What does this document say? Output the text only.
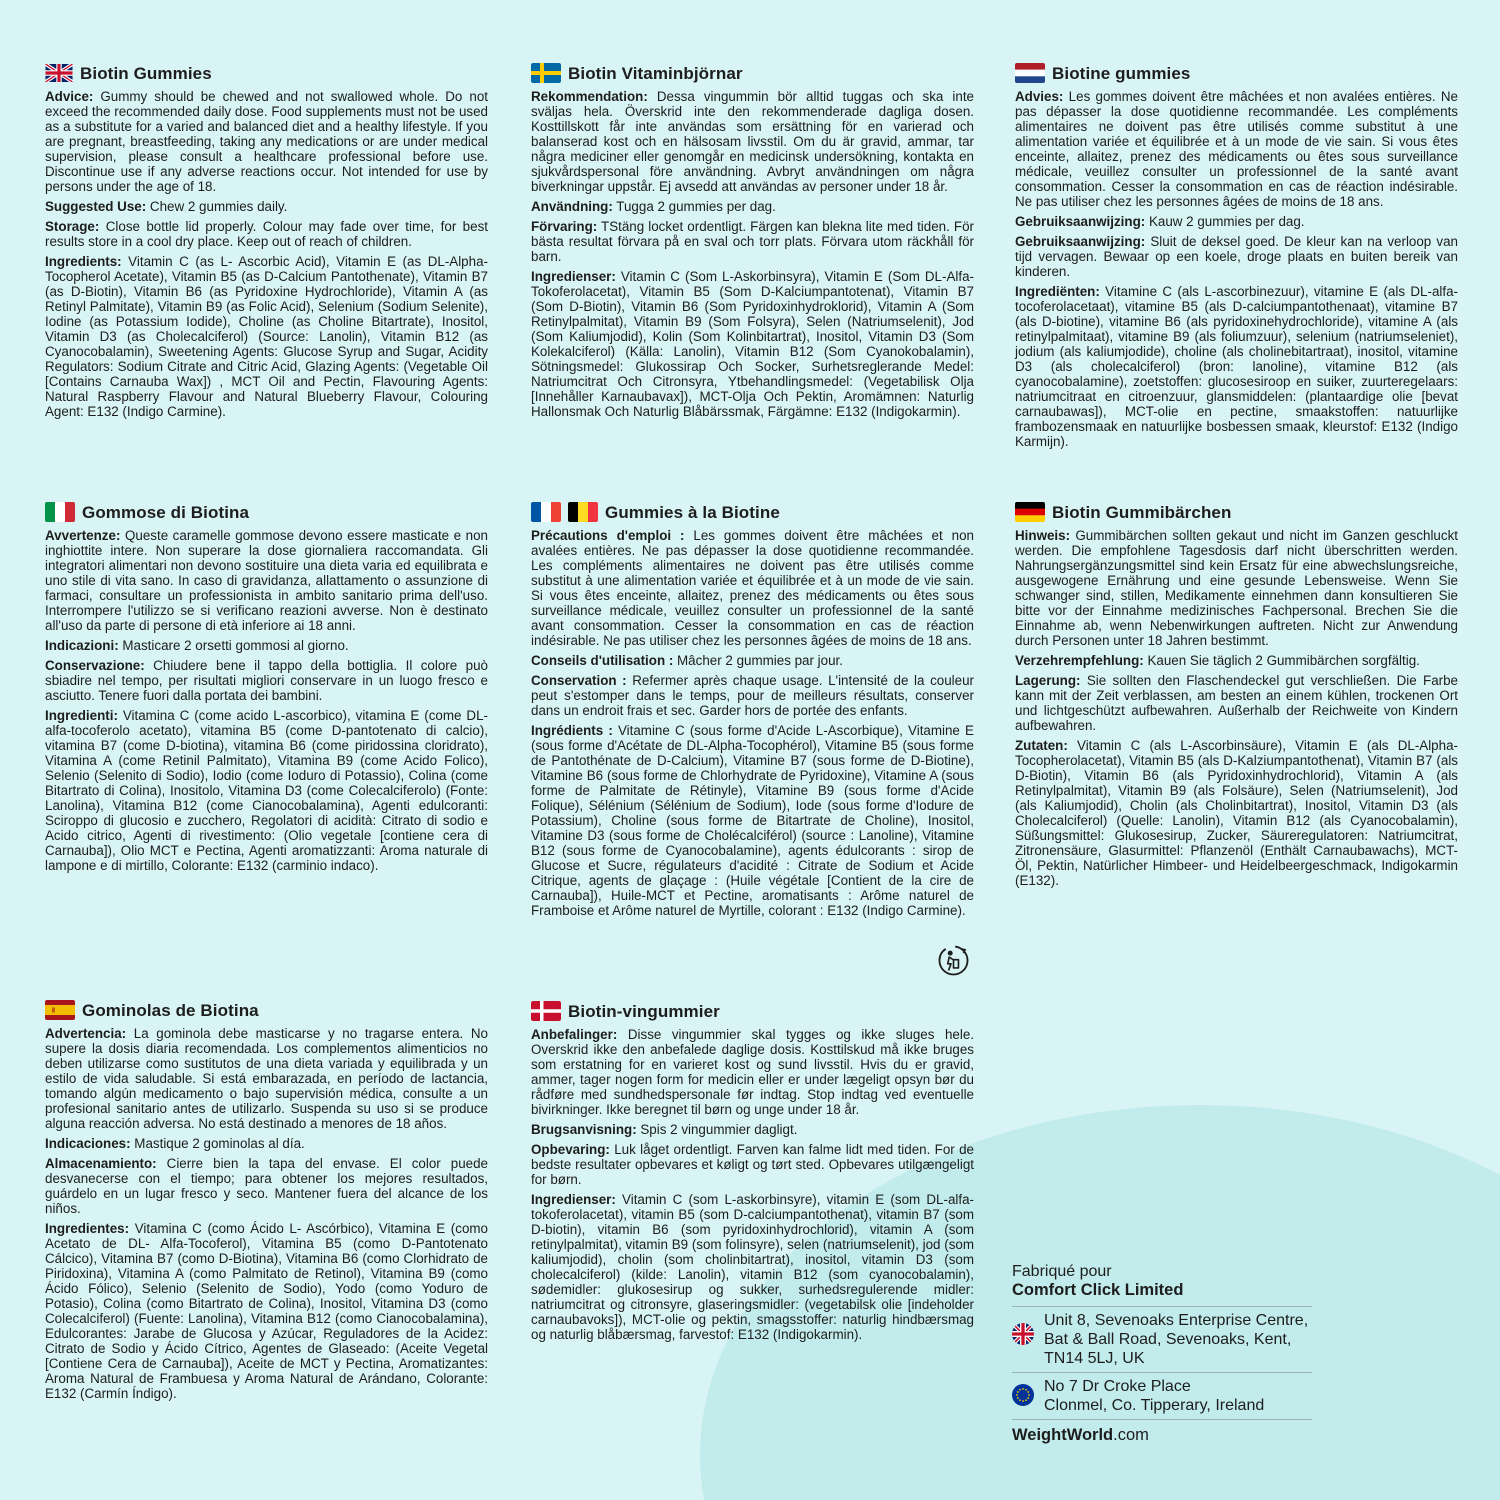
Biotin Gummies

Advice: Gummy should be chewed and not swallowed whole. Do not exceed the recommended daily dose. Food supplements must not be used as a substitute for a varied and balanced diet and a healthy lifestyle. If you are pregnant, breastfeeding, taking any medications or are under medical supervision, please consult a healthcare professional before use. Discontinue use if any adverse reactions occur. Not intended for use by persons under the age of 18.

Suggested Use: Chew 2 gummies daily.

Storage: Close bottle lid properly. Colour may fade over time, for best results store in a cool dry place. Keep out of reach of children.

Ingredients: Vitamin C (as L- Ascorbic Acid), Vitamin E (as DL-Alpha-Tocopherol Acetate), Vitamin B5 (as D-Calcium Pantothenate), Vitamin B7 (as D-Biotin), Vitamin B6 (as Pyridoxine Hydrochloride), Vitamin A (as Retinyl Palmitate), Vitamin B9 (as Folic Acid), Selenium (Sodium Selenite), Iodine (as Potassium Iodide), Choline (as Choline Bitartrate), Inositol, Vitamin D3 (as Cholecalciferol) (Source: Lanolin), Vitamin B12 (as Cyanocobalamin), Sweetening Agents: Glucose Syrup and Sugar, Acidity Regulators: Sodium Citrate and Citric Acid, Glazing Agents: (Vegetable Oil [Contains Carnauba Wax]) , MCT Oil and Pectin, Flavouring Agents: Natural Raspberry Flavour and Natural Blueberry Flavour, Colouring Agent: E132 (Indigo Carmine).

Biotin Vitaminbjörnar

Rekommendation: Dessa vingummin bör alltid tuggas och ska inte sväljas hela. Överskrid inte den rekommenderade dagliga dosen. Kosttillskott får inte användas som ersättning för en varierad och balanserad kost och en hälsosam livsstil. Om du är gravid, ammar, tar några mediciner eller genomgår en medicinsk undersökning, kontakta en sjukvårdspersonal före användning. Avbryt användningen om några biverkningar uppstår. Ej avsedd att användas av personer under 18 år.

Användning: Tugga 2 gummies per dag.

Förvaring: TStäng locket ordentligt. Färgen kan blekna lite med tiden. För bästa resultat förvara på en sval och torr plats. Förvara utom räckhåll för barn.

Ingredienser: Vitamin C (Som L-Askorbinsyra), Vitamin E (Som DL-Alfa-Tokoferolacetat), Vitamin B5 (Som D-Kalciumpantotenat), Vitamin B7 (Som D-Biotin), Vitamin B6 (Som Pyridoxinhydroklorid), Vitamin A (Som Retinylpalmitat), Vitamin B9 (Som Folsyra), Selen (Natriumselenit), Jod (Som Kaliumjodid), Kolin (Som Kolinbitartrat), Inositol, Vitamin D3 (Som Kolekalciferol) (Källa: Lanolin), Vitamin B12 (Som Cyanokobalamin), Sötningsmedel: Glukossirap Och Socker, Surhetsreglerande Medel: Natriumcitrat Och Citronsyra, Ytbehandlingsmedel: (Vegetabilisk Olja [Innehåller Karnaubavax]), MCT-Olja Och Pektin, Aromämnen: Naturlig Hallonsmak Och Naturlig Blåbärssmak, Färgämne: E132 (Indigokarmin).

Biotine gummies

Advies: Les gommes doivent être mâchées et non avalées entières. Ne pas dépasser la dose quotidienne recommandée. Les compléments alimentaires ne doivent pas être utilisés comme substitut à une alimentation variée et équilibrée et à un mode de vie sain. Si vous êtes enceinte, allaitez, prenez des médicaments ou êtes sous surveillance médicale, veuillez consulter un professionnel de la santé avant consommation. Cesser la consommation en cas de réaction indésirable. Ne pas utiliser chez les personnes âgées de moins de 18 ans.

Gebruiksaanwijzing: Kauw 2 gummies per dag.

Gebruiksaanwijzing: Sluit de deksel goed. De kleur kan na verloop van tijd vervagen. Bewaar op een koele, droge plaats en buiten bereik van kinderen.

Ingrediënten: Vitamine C (als L-ascorbinezuur), vitamine E (als DL-alfa-tocoferolacetaat), vitamine B5 (als D-calciumpantothenaat), vitamine B7 (als D-biotine), vitamine B6 (als pyridoxinehydrochloride), vitamine A (als retinylpalmitaat), vitamine B9 (als foliumzuur), selenium (natriumseleniet), jodium (als kaliumjodide), choline (als cholinebitartraat), inositol, vitamine D3 (als cholecalciferol) (bron: lanoline), vitamine B12 (als cyanocobalamine), zoetstoffen: glucosesiroop en suiker, zuurteregelaars: natriumcitraat en citroenzuur, glansmiddelen: (plantaardige olie [bevat carnaubawas]), MCT-olie en pectine, smaakstoffen: natuurlijke frambozensmaak en natuurlijke bosbessen smaak, kleurstof: E132 (Indigo Karmijn).

Gommose di Biotina

Avvertenze: Queste caramelle gommose devono essere masticate e non inghiottite intere. Non superare la dose giornaliera raccomandata. Gli integratori alimentari non devono sostituire una dieta varia ed equilibrata e uno stile di vita sano. In caso di gravidanza, allattamento o assunzione di farmaci, consultare un professionista in ambito sanitario prima dell'uso. Interrompere l'utilizzo se si verificano reazioni avverse. Non è destinato all'uso da parte di persone di età inferiore ai 18 anni.

Indicazioni: Masticare 2 orsetti gommosi al giorno.

Conservazione: Chiudere bene il tappo della bottiglia. Il colore può sbiadire nel tempo, per risultati migliori conservare in un luogo fresco e asciutto. Tenere fuori dalla portata dei bambini.

Ingredienti: Vitamina C (come acido L-ascorbico), vitamina E (come DL-alfa-tocoferolo acetato), vitamina B5 (come D-pantotenato di calcio), vitamina B7 (come D-biotina), vitamina B6 (come piridossina cloridrato), Vitamina A (come Retinil Palmitato), Vitamina B9 (come Acido Folico), Selenio (Selenito di Sodio), Iodio (come Ioduro di Potassio), Colina (come Bitartrato di Colina), Inositolo, Vitamina D3 (come Colecalciferolo) (Fonte: Lanolina), Vitamina B12 (come Cianocobalamina), Agenti edulcoranti: Sciroppo di glucosio e zucchero, Regolatori di acidità: Citrato di sodio e Acido citrico, Agenti di rivestimento: (Olio vegetale [contiene cera di Carnauba]), Olio MCT e Pectina, Agenti aromatizzanti: Aroma naturale di lampone e di mirtillo, Colorante: E132 (carminio indaco).

Gummies à la Biotine

Précautions d'emploi : Les gommes doivent être mâchées et non avalées entières. Ne pas dépasser la dose quotidienne recommandée. Les compléments alimentaires ne doivent pas être utilisés comme substitut à une alimentation variée et équilibrée et à un mode de vie sain. Si vous êtes enceinte, allaitez, prenez des médicaments ou êtes sous surveillance médicale, veuillez consulter un professionnel de la santé avant consommation. Cesser la consommation en cas de réaction indésirable. Ne pas utiliser chez les personnes âgées de moins de 18 ans.

Conseils d'utilisation : Mâcher 2 gummies par jour.

Conservation : Refermer après chaque usage. L'intensité de la couleur peut s'estomper dans le temps, pour de meilleurs résultats, conserver dans un endroit frais et sec. Garder hors de portée des enfants.

Ingrédients : Vitamine C (sous forme d'Acide L-Ascorbique), Vitamine E (sous forme d'Acétate de DL-Alpha-Tocophérol), Vitamine B5 (sous forme de Pantothénate de D-Calcium), Vitamine B7 (sous forme de D-Biotine), Vitamine B6 (sous forme de Chlorhydrate de Pyridoxine), Vitamine A (sous forme de Palmitate de Rétinyle), Vitamine B9 (sous forme d'Acide Folique), Sélénium (Sélénium de Sodium), Iode (sous forme d'Iodure de Potassium), Choline (sous forme de Bitartrate de Choline), Inositol, Vitamine D3 (sous forme de Cholécalciférol) (source : Lanoline), Vitamine B12 (sous forme de Cyanocobalamine), agents édulcorants : sirop de Glucose et Sucre, régulateurs d'acidité : Citrate de Sodium et Acide Citrique, agents de glaçage : (Huile végétale [Contient de la cire de Carnauba]), Huile-MCT et Pectine, aromatisants : Arôme naturel de Framboise et Arôme naturel de Myrtille, colorant : E132 (Indigo Carmine).

Biotin Gummibärchen

Hinweis: Gummibärchen sollten gekaut und nicht im Ganzen geschluckt werden. Die empfohlene Tagesdosis darf nicht überschritten werden. Nahrungsergänzungsmittel sind kein Ersatz für eine abwechslungsreiche, ausgewogene Ernährung und eine gesunde Lebensweise. Wenn Sie schwanger sind, stillen, Medikamente einnehmen dann konsultieren Sie bitte vor der Einnahme medizinisches Fachpersonal. Brechen Sie die Einnahme ab, wenn Nebenwirkungen auftreten. Nicht zur Anwendung durch Personen unter 18 Jahren bestimmt.

Verzehrempfehlung: Kauen Sie täglich 2 Gummibärchen sorgfältig.

Lagerung: Sie sollten den Flaschendeckel gut verschließen. Die Farbe kann mit der Zeit verblassen, am besten an einem kühlen, trockenen Ort und lichtgeschützt aufbewahren. Außerhalb der Reichweite von Kindern aufbewahren.

Zutaten: Vitamin C (als L-Ascorbinsäure), Vitamin E (als DL-Alpha-Tocopherolacetat), Vitamin B5 (als D-Kalziumpantothenat), Vitamin B7 (als D-Biotin), Vitamin B6 (als Pyridoxinhydrochlorid), Vitamin A (als Retinylpalmitat), Vitamin B9 (als Folsäure), Selen (Natriumselenit), Jod (als Kaliumjodid), Cholin (als Cholinbitartrat), Inositol, Vitamin D3 (als Cholecalciferol) (Quelle: Lanolin), Vitamin B12 (als Cyanocobalamin), Süßungsmittel: Glukosesirup, Zucker, Säureregulatoren: Natriumcitrat, Zitronensäure, Glasurmittel: Pflanzenöl (Enthält Carnaubawachs), MCT-Öl, Pektin, Natürlicher Himbeer- und Heidelbeergeschmack, Indigokarmin (E132).

Gominolas de Biotina

Advertencia: La gominola debe masticarse y no tragarse entera. No supere la dosis diaria recomendada. Los complementos alimenticios no deben utilizarse como sustitutos de una dieta variada y equilibrada y un estilo de vida saludable. Si está embarazada, en período de lactancia, tomando algún medicamento o bajo supervisión médica, consulte a un profesional sanitario antes de utilizarlo. Suspenda su uso si se produce alguna reacción adversa. No está destinado a menores de 18 años.

Indicaciones: Mastique 2 gominolas al día.

Almacenamiento: Cierre bien la tapa del envase. El color puede desvanecerse con el tiempo; para obtener los mejores resultados, guárdelo en un lugar fresco y seco. Mantener fuera del alcance de los niños.

Ingredientes: Vitamina C (como Ácido L- Ascórbico), Vitamina E (como Acetato de DL- Alfa-Tocoferol), Vitamina B5 (como D-Pantotenato Cálcico), Vitamina B7 (como D-Biotina), Vitamina B6 (como Clorhidrato de Piridoxina), Vitamina A (como Palmitato de Retinol), Vitamina B9 (como Ácido Fólico), Selenio (Selenito de Sodio), Yodo (como Yoduro de Potasio), Colina (como Bitartrato de Colina), Inositol, Vitamina D3 (como Colecalciferol) (Fuente: Lanolina), Vitamina B12 (como Cianocobalamina), Edulcorantes: Jarabe de Glucosa y Azúcar, Reguladores de la Acidez: Citrato de Sodio y Ácido Cítrico, Agentes de Glaseado: (Aceite Vegetal [Contiene Cera de Carnauba]), Aceite de MCT y Pectina, Aromatizantes: Aroma Natural de Frambuesa y Aroma Natural de Arándano, Colorante: E132 (Carmín Índigo).

Biotin-vingummier

Anbefalinger: Disse vingummier skal tygges og ikke sluges hele. Overskrid ikke den anbefalede daglige dosis. Kosttilskud må ikke bruges som erstatning for en varieret kost og sund livsstil. Hvis du er gravid, ammer, tager nogen form for medicin eller er under lægeligt opsyn bør du rådføre med sundhedspersonale før indtag. Stop indtag ved eventuelle bivirkninger. Ikke beregnet til børn og unge under 18 år.

Brugsanvisning: Spis 2 vingummier dagligt.

Opbevaring: Luk låget ordentligt. Farven kan falme lidt med tiden. For de bedste resultater opbevares et køligt og tørt sted. Opbevares utilgængeligt for børn.

Ingredienser: Vitamin C (som L-askorbinsyre), vitamin E (som DL-alfa-tokoferolacetat), vitamin B5 (som D-calciumpantothenat), vitamin B7 (som D-biotin), vitamin B6 (som pyridoxinhydrochlorid), vitamin A (som retinylpalmitat), vitamin B9 (som folinsyre), selen (natriumselenit), jod (som kaliumjodid), cholin (som cholinbitartrat), inositol, vitamin D3 (som cholecalciferol) (kilde: Lanolin), vitamin B12 (som cyanocobalamin), sødemidler: glukosesirup og sukker, surhedsregulerende midler: natriumcitrat og citronsyre, glaseringsmidler: (vegetabilsk olie [indeholder carnaubavoks]), MCT-olie og pektin, smagsstoffer: naturlig hindbærsmag og naturlig blåbærsmag, farvestof: E132 (Indigokarmin).

Fabriqué pour
Comfort Click Limited
Unit 8, Sevenoaks Enterprise Centre,
Bat & Ball Road, Sevenoaks, Kent,
TN14 5LJ, UK
No 7 Dr Croke Place
Clonmel, Co. Tipperary, Ireland
WeightWorld.com
